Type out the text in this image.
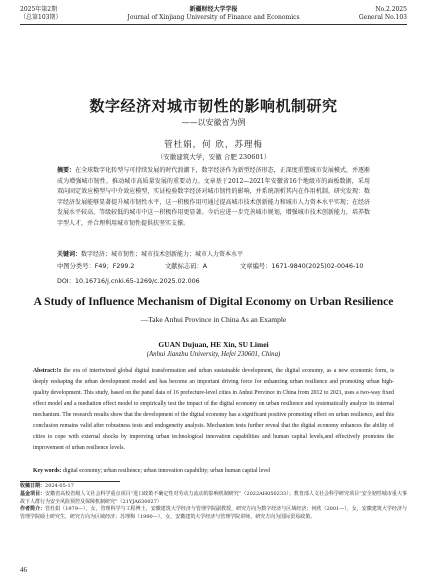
2025年第2期
（总第103期）
新疆财经大学学报
Journal of Xinjiang University of Finance and Economics
No.2.2025
General No.103
数字经济对城市韧性的影响机制研究
——以安徽省为例
管杜娟，何 欣，苏理梅
（安徽建筑大学，安徽 合肥 230601）
摘要：在全球数字化转型与可持续发展的时代浪潮下，数字经济作为新型经济形态，正深度重塑城市发展模式，并逐渐成为增强城市韧性、推动城市高质量发展的重要动力。文章基于2012—2021年安徽省16个地级市的面板数据，采用双向固定效应模型与中介效应模型，实证检验数字经济对城市韧性的影响，并系统剖析其内在作用机制。研究发现：数字经济发展能够显著提升城市韧性水平，这一积极作用可通过提高城市技术创新能力和城市人力资本水平实现；在经济发展水平较高、等级较低的城市中这一积极作用更显著。今后应进一步完善城市规划，增强城市技术创新能力，培养数字型人才，并合理利用城市韧性提供扶坚实支撑。
关键词：数字经济；城市韧性；城市技术创新能力；城市人力资本水平
中图分类号：F49；F299.2	文献标志码：A	文章编号：1671-9840(2025)02-0046-10
DOI：10.16716/j.cnki.65-1269/c.2025.02.006
A Study of Influence Mechanism of Digital Economy on Urban Resilience
—Take Anhui Province in China As an Example
GUAN Dujuan, HE Xin, SU Limei
(Anhui Jianzhu University, Hefei 230601, China)
Abstract:In the era of intertwined global digital transformation and urban sustainable development, the digital economy, as a new economic form, is deeply reshaping the urban development model and has become an important driving force for enhancing urban resilience and promoting urban high-quality development. This study, based on the panel data of 16 prefecture-level cities in Anhui Province in China from 2012 to 2021, uses a two-way fixed effect model and a mediation effect model to empirically test the impact of the digital economy on urban resilience and systematically analyze its internal mechanism. The research results show that the development of the digital economy has a significant positive promoting effect on urban resilience, and this conclusion remains valid after robustness tests and endogeneity analysis. Mechanism tests further reveal that the digital economy enhances the ability of cities to cope with external shocks by improving urban technological innovation capabilities and human capital levels,and effectively promotes the improvement of urban resilience levels.
Key words: digital economy; urban resilience; urban innovation capability; urban human capital level
收稿日期：2024-05-17
基金项目：安徽省高校省级人文社会科学重点项目“进口政策不确定性对劳动力流动的影响机制研究”（2022AH050233）；教育部人文社会科学研究项目“安全韧性城市重大事故下人群行为安全风险预控及保障机制研究”（21YJA630027）
作者简介：管杜娟（1979—），女，管理科学与工程博士，安徽建筑大学经济与管理学院副教授，研究方向为数字经济与区域经济；何欣（2001—），女，安徽建筑大学经济与管理学院硕士研究生，研究方向为区域经济；苏理梅（1990—），女，安徽建筑大学经济与管理学院讲师，研究方向为国际贸易政策。
46
